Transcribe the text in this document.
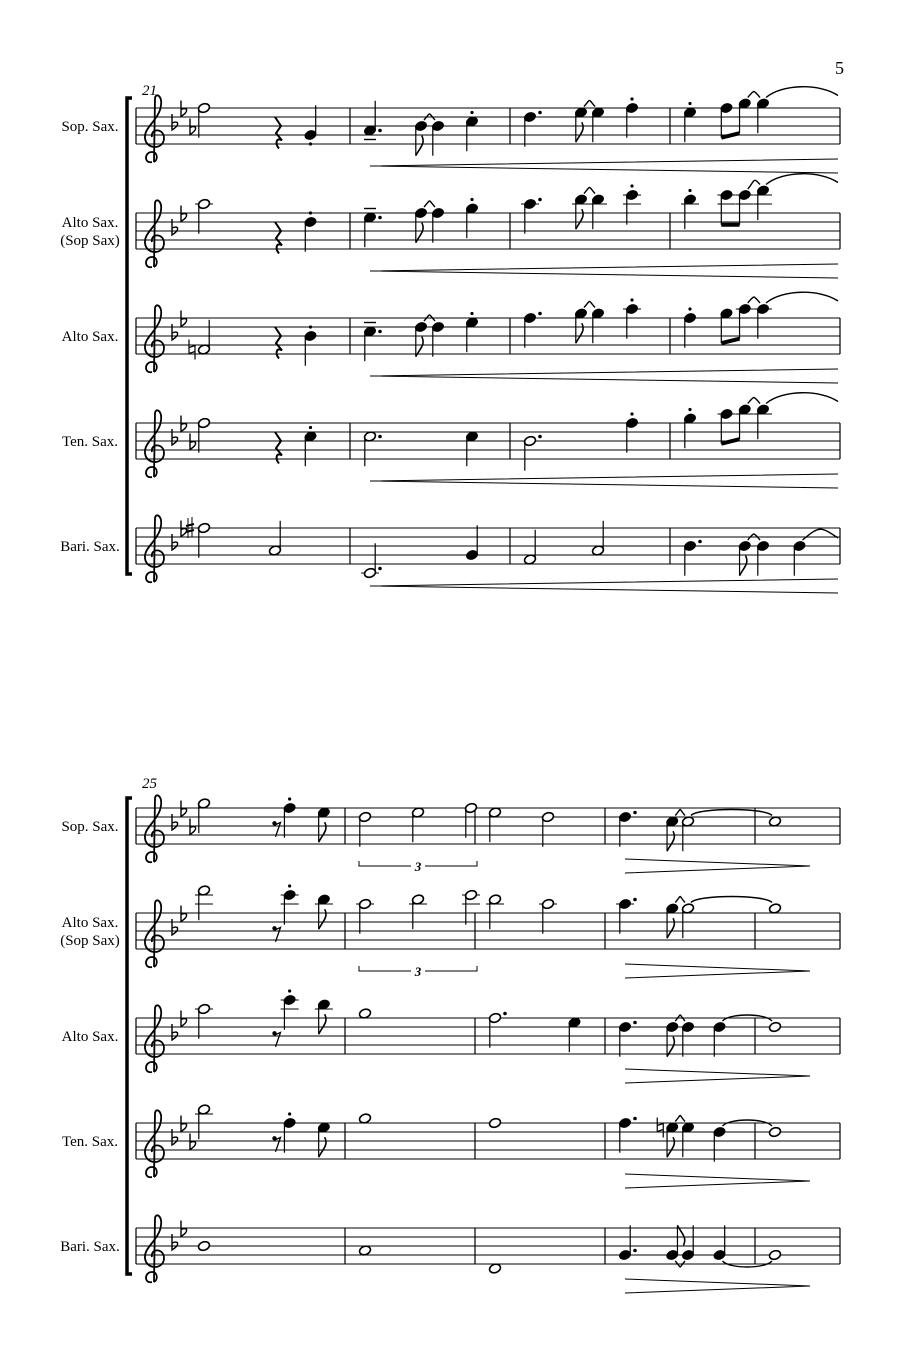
5
21
Sop. Sax.
Alto Sax. (Sop Sax)
Alto Sax.
Ten. Sax.
Bari. Sax.
25
Sop. Sax.
3
Alto Sax. (Sop Sax)
3
Alto Sax.
Ten. Sax.
Bari. Sax.
